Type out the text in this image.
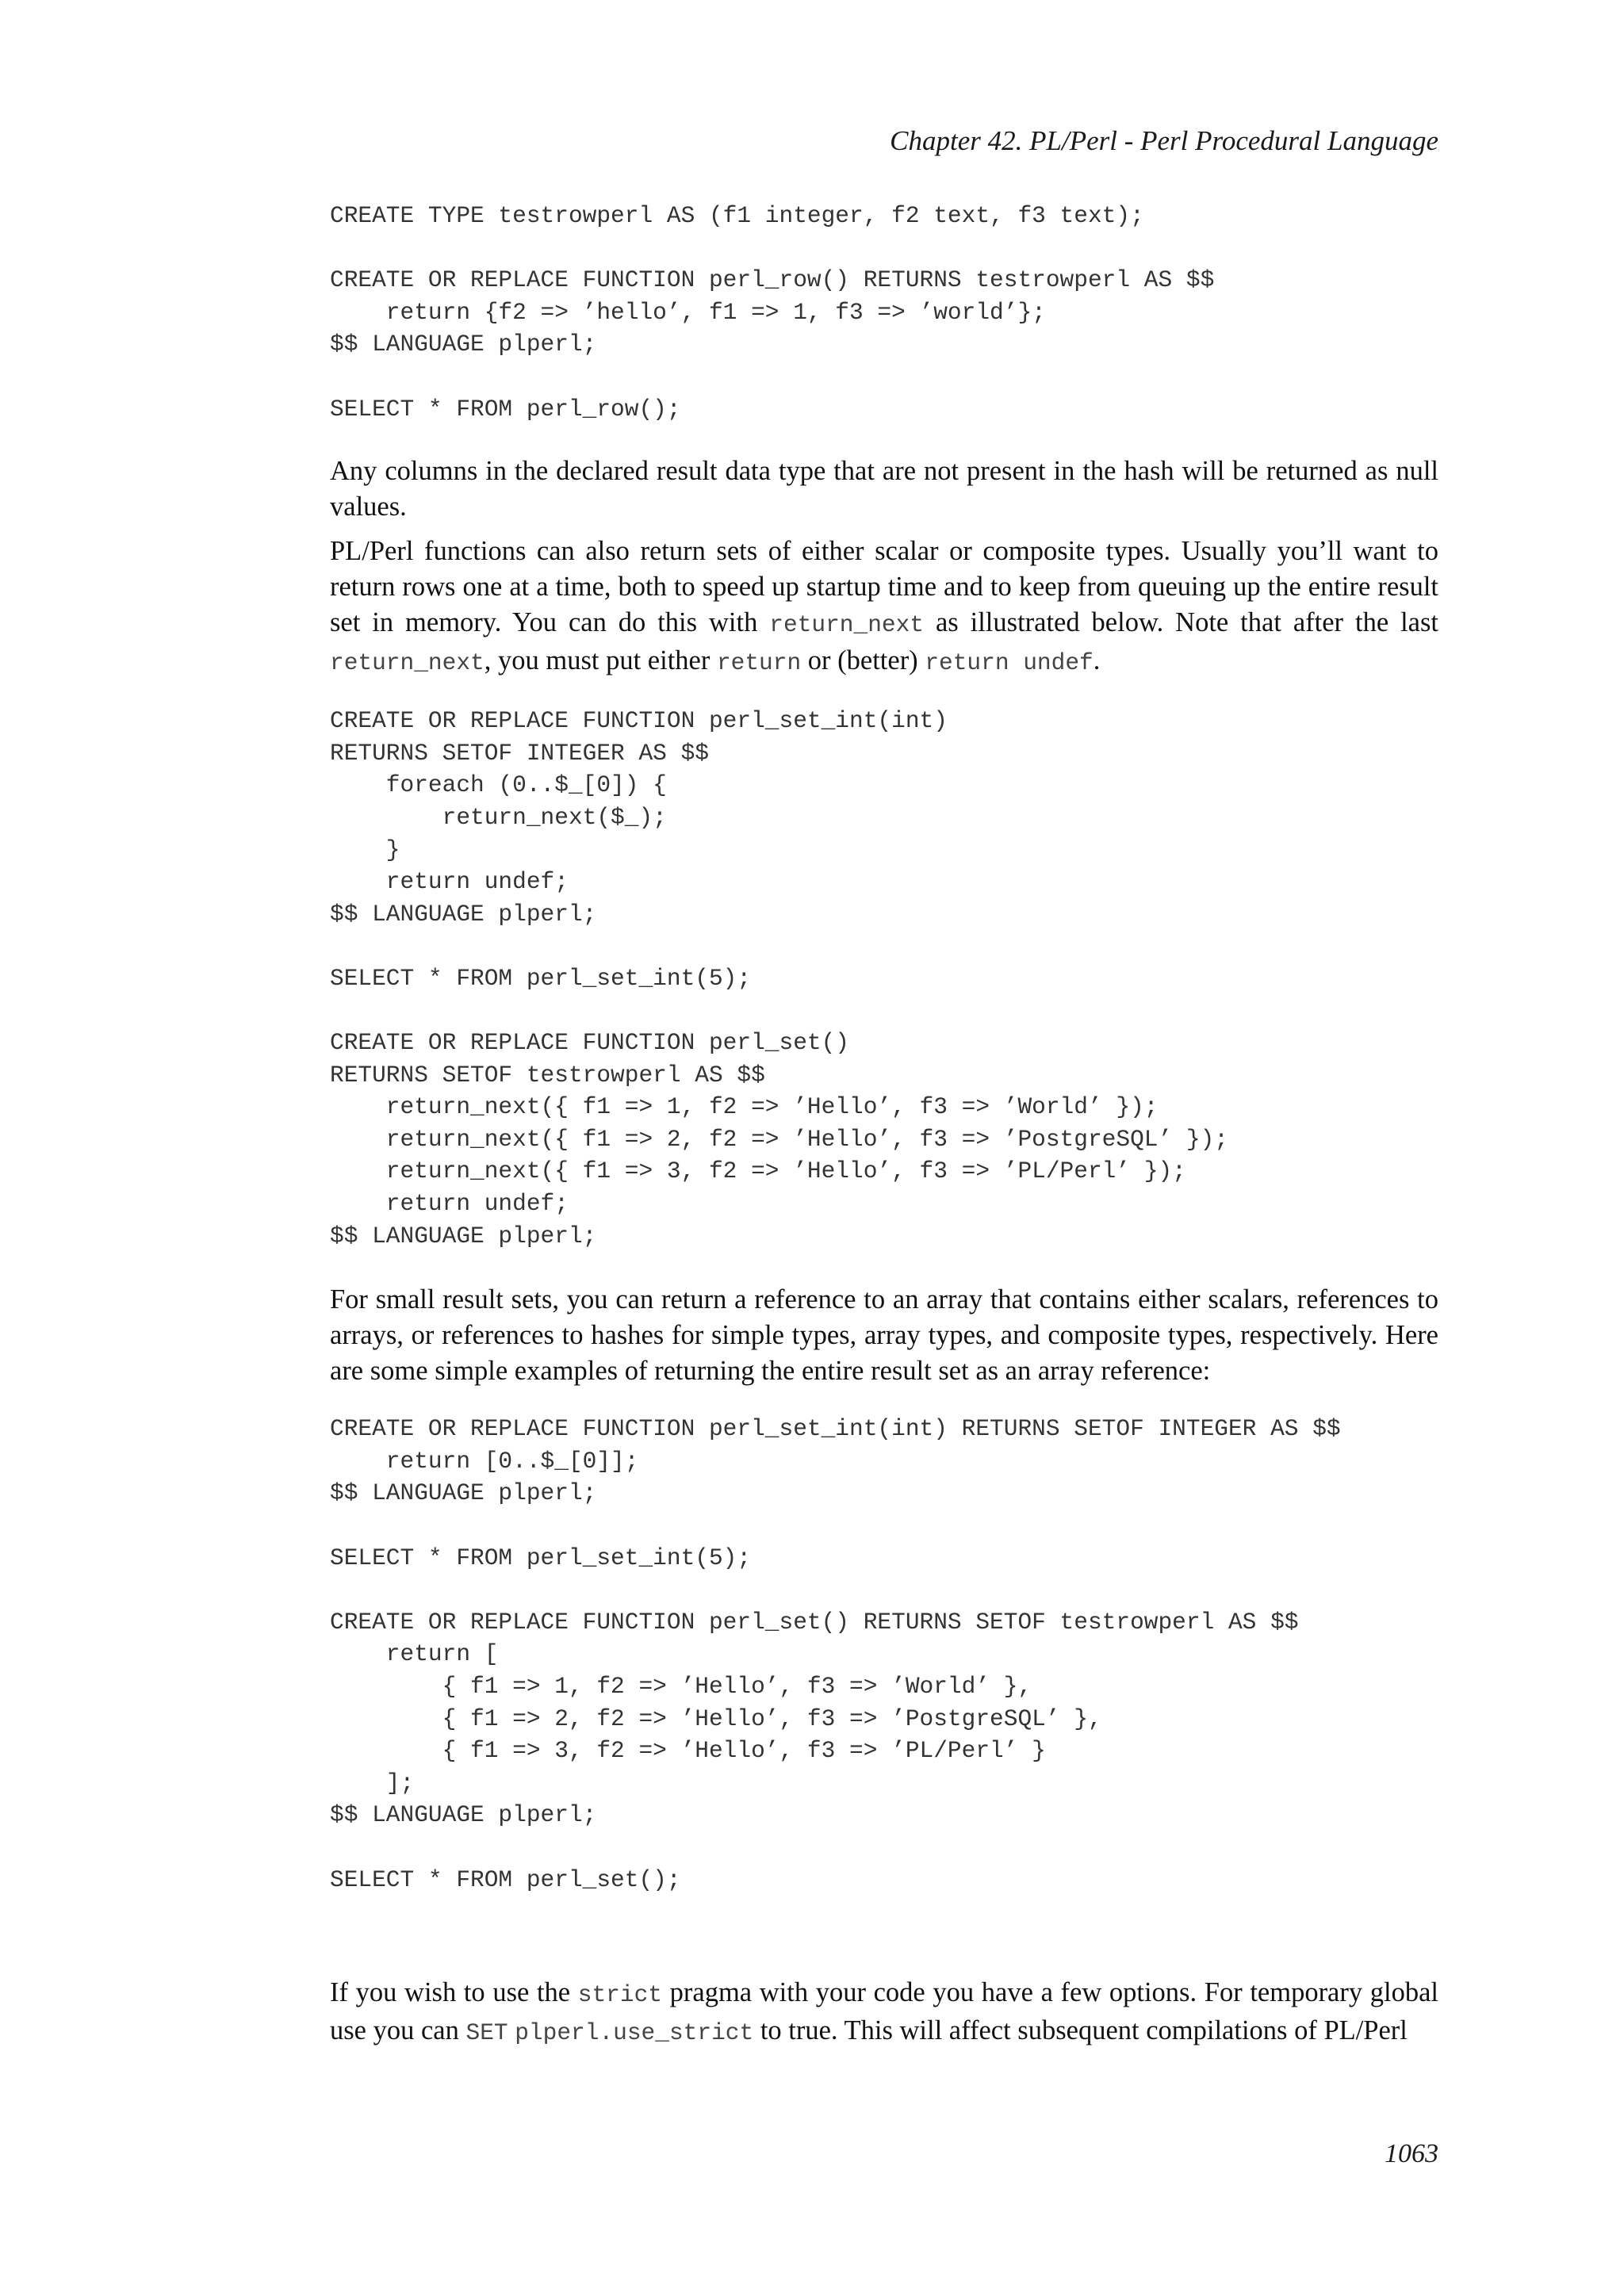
Chapter 42. PL/Perl - Perl Procedural Language
CREATE TYPE testrowperl AS (f1 integer, f2 text, f3 text);

CREATE OR REPLACE FUNCTION perl_row() RETURNS testrowperl AS $$
return {f2 => ’hello’, f1 => 1, f3 => ’world’};
$$ LANGUAGE plperl;

SELECT * FROM perl_row();

Any columns in the declared result data type that are not present in the hash will be returned as null values.

PL/Perl functions can also return sets of either scalar or composite types. Usually you’ll want to return rows one at a time, both to speed up startup time and to keep from queuing up the entire result set in memory. You can do this with return_next as illustrated below. Note that after the last return_next, you must put either return or (better) return undef.

CREATE OR REPLACE FUNCTION perl_set_int(int)
RETURNS SETOF INTEGER AS $$
foreach (0..$_[0]) {
return_next($_);
}
return undef;
$$ LANGUAGE plperl;

SELECT * FROM perl_set_int(5);

CREATE OR REPLACE FUNCTION perl_set()
RETURNS SETOF testrowperl AS $$
return_next({ f1 => 1, f2 => ’Hello’, f3 => ’World’ });
return_next({ f1 => 2, f2 => ’Hello’, f3 => ’PostgreSQL’ });
return_next({ f1 => 3, f2 => ’Hello’, f3 => ’PL/Perl’ });
return undef;
$$ LANGUAGE plperl;

For small result sets, you can return a reference to an array that contains either scalars, references to arrays, or references to hashes for simple types, array types, and composite types, respectively. Here are some simple examples of returning the entire result set as an array reference:

CREATE OR REPLACE FUNCTION perl_set_int(int) RETURNS SETOF INTEGER AS $$
return [0..$_[0]];
$$ LANGUAGE plperl;

SELECT * FROM perl_set_int(5);

CREATE OR REPLACE FUNCTION perl_set() RETURNS SETOF testrowperl AS $$
return [
{ f1 => 1, f2 => ’Hello’, f3 => ’World’ },
{ f1 => 2, f2 => ’Hello’, f3 => ’PostgreSQL’ },
{ f1 => 3, f2 => ’Hello’, f3 => ’PL/Perl’ }
];
$$ LANGUAGE plperl;

SELECT * FROM perl_set();

If you wish to use the strict pragma with your code you have a few options. For temporary global use you can SET plperl.use_strict to true. This will affect subsequent compilations of PL/Perl

1063
